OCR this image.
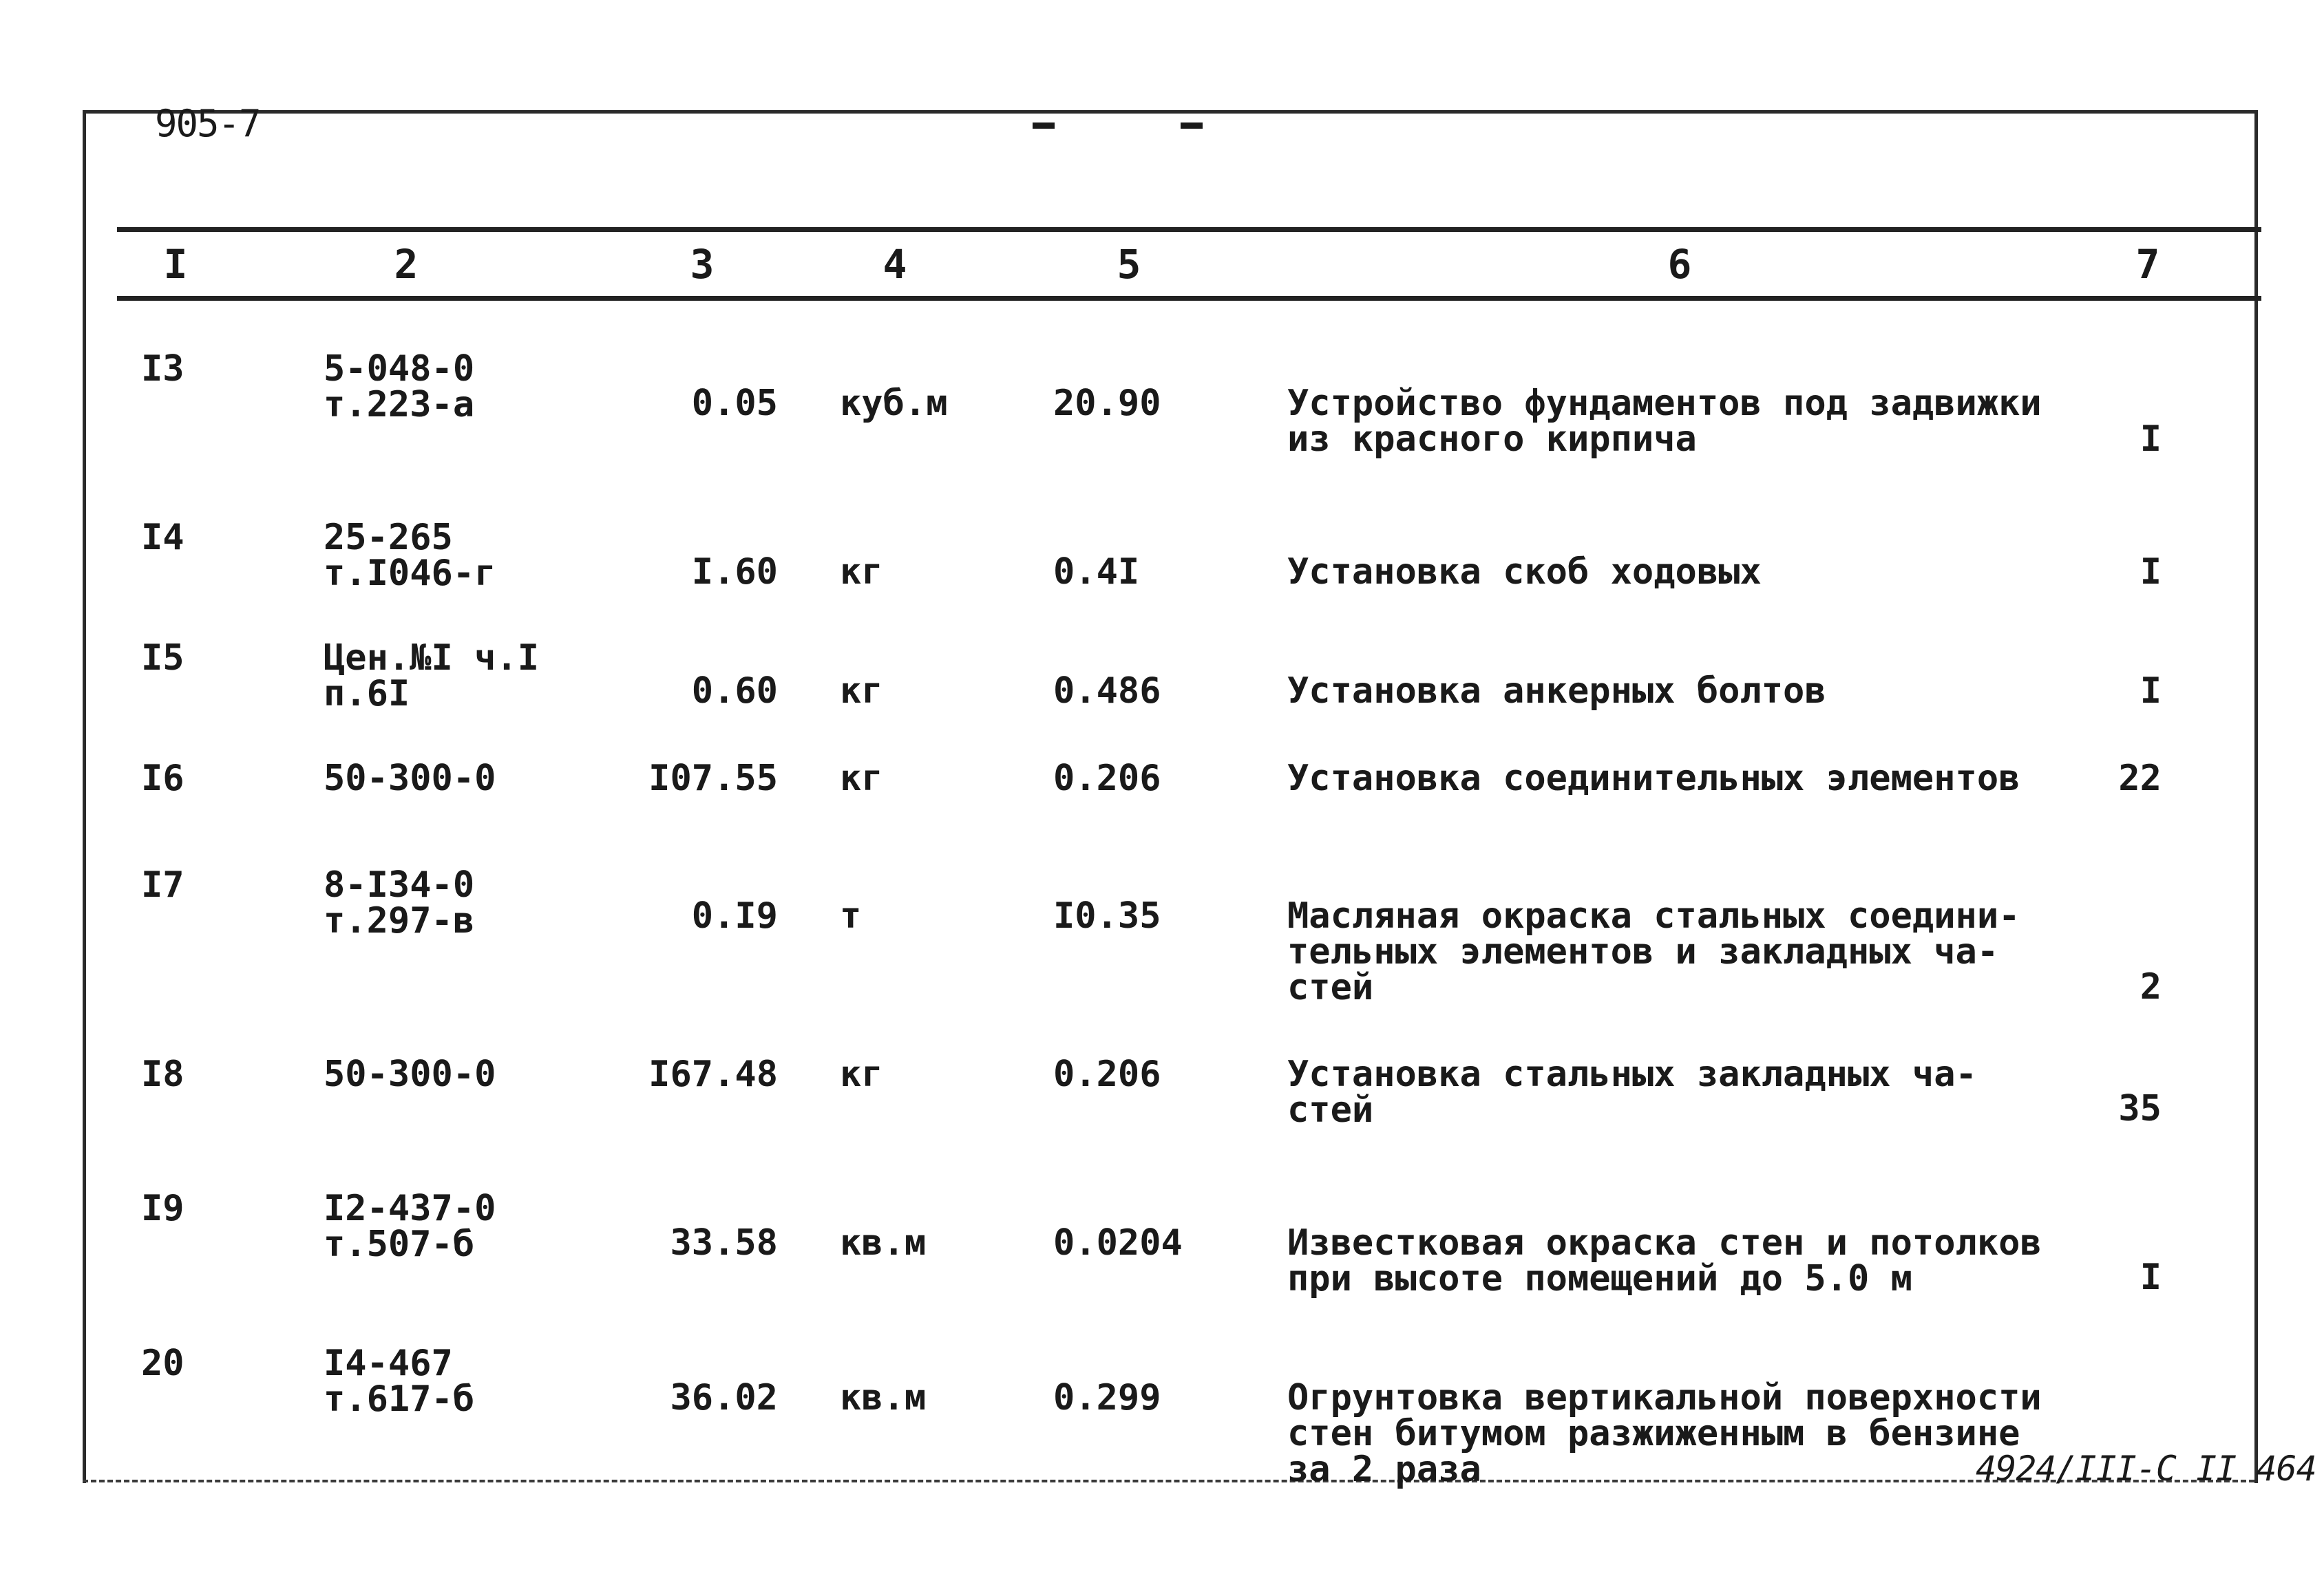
905-7
I	2	3	4	5	6	7
I3	5-048-0
т.223-а	0.05 куб.м	20.90	Устройство фундаментов под задвижки
из красного кирпича	I
I4	25-265
т.I046-г	I.60 кг	0.4I	Установка скоб ходовых	I
I5	Цен.№I ч.I
п.6I	0.60 кг	0.486	Установка анкерных болтов	I
I6	50-300-0	I07.55 кг	0.206	Установка соединительных элементов	22
I7	8-I34-0
т.297-в	0.I9 т	I0.35	Масляная окраска стальных соедини-
тельных элементов и закладных ча-
стей	2
I8	50-300-0	I67.48 кг	0.206	Установка стальных закладных ча-
стей	35
I9	I2-437-0
т.507-б	33.58 кв.м	0.0204	Известковая окраска стен и потолков
при высоте помещений до 5.0 м	I
20	I4-467
т.617-б	36.02 кв.м	0.299	Огрунтовка вертикальной поверхности
стен битумом разжиженным в бензине
за 2 раза	4924/III-С II 464
